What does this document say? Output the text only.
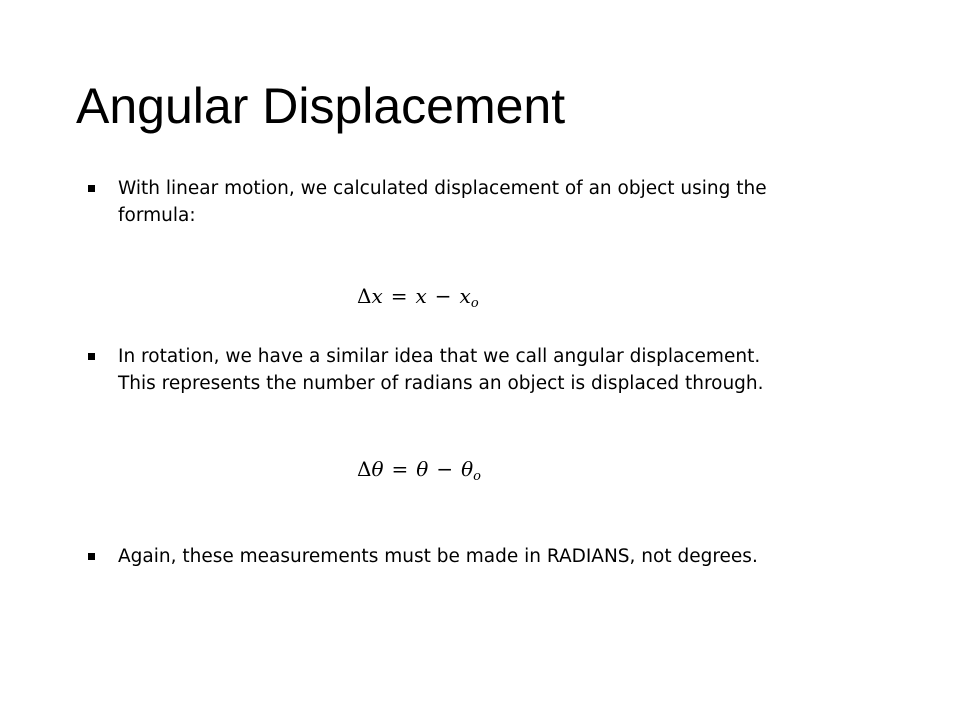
Angular Displacement
With linear motion, we calculated displacement of an object using the
formula:
$\Delta x = x - x_o$
In rotation, we have a similar idea that we call angular displacement.
This represents the number of radians an object is displaced through.
$\Delta\theta = \theta - \theta_o$
Again, these measurements must be made in RADIANS, not degrees.
